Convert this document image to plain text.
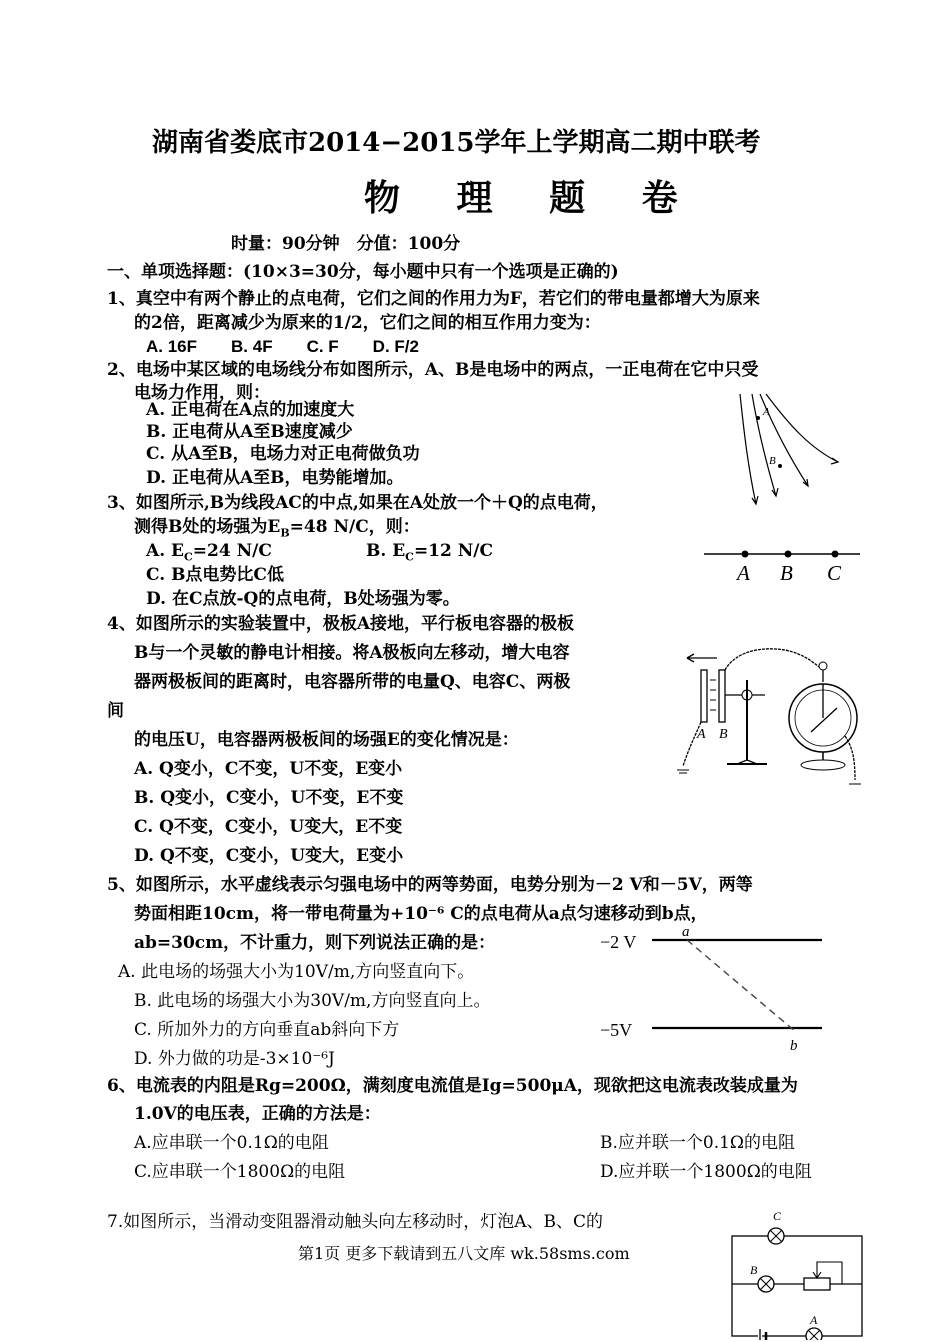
湖南省娄底市2014−2015学年上学期高二期中联考
物 理 题 卷
时量：90分钟　分值：100分
一、单项选择题：(10×3=30分，每小题中只有一个选项是正确的)
1、真空中有两个静止的点电荷，它们之间的作用力为F，若它们的带电量都增大为原来
的2倍，距离减少为原来的1/2，它们之间的相互作用力变为：
A. 16F　　B. 4F　　C. F　　D. F/2
2、电场中某区域的电场线分布如图所示，A、B是电场中的两点，一正电荷在它中只受
电场力作用，则：
A. 正电荷在A点的加速度大
B. 正电荷从A至B速度减少
C. 从A至B，电场力对正电荷做负功
D. 正电荷从A至B，电势能增加。
A
B
3、如图所示,B为线段AC的中点,如果在A处放一个＋Q的点电荷，
测得B处的场强为$E_B=48$ N/C，则：
A. $E_C=24$ N/C	B. $E_C=12$ N/C
C. B点电势比C低
D. 在C点放-Q的点电荷，B处场强为零。
A B C
4、如图所示的实验装置中，极板A接地，平行板电容器的极板
B与一个灵敏的静电计相接。将A极板向左移动，增大电容
器两极板间的距离时，电容器所带的电量Q、电容C、两极
间
的电压U，电容器两极板间的场强E的变化情况是：
A. Q变小，C不变，U不变，E变小
B. Q变小，C变小，U不变，E不变
C. Q不变，C变小，U变大，E不变
D. Q不变，C变小，U变大，E变小
A B
5、如图所示，水平虚线表示匀强电场中的两等势面，电势分别为－2 V和－5V，两等
势面相距10cm，将一带电荷量为+10⁻⁶ C的点电荷从a点匀速移动到b点，
ab=30cm，不计重力，则下列说法正确的是：
A. 此电场的场强大小为10V/m,方向竖直向下。
B. 此电场的场强大小为30V/m,方向竖直向上。
C. 所加外力的方向垂直ab斜向下方
D. 外力做的功是-3×10⁻⁶J
−2 V
−5V
a
b
6、电流表的内阻是Rg=200Ω，满刻度电流值是Ig=500μA，现欲把这电流表改装成量为
1.0V的电压表，正确的方法是：
A.应串联一个0.1Ω的电阻	B.应并联一个0.1Ω的电阻
C.应串联一个1800Ω的电阻	D.应并联一个1800Ω的电阻
7.如图所示，当滑动变阻器滑动触头向左移动时，灯泡A、B、C的	C
B
A
第1页 更多下载请到五八文库 wk.58sms.com
